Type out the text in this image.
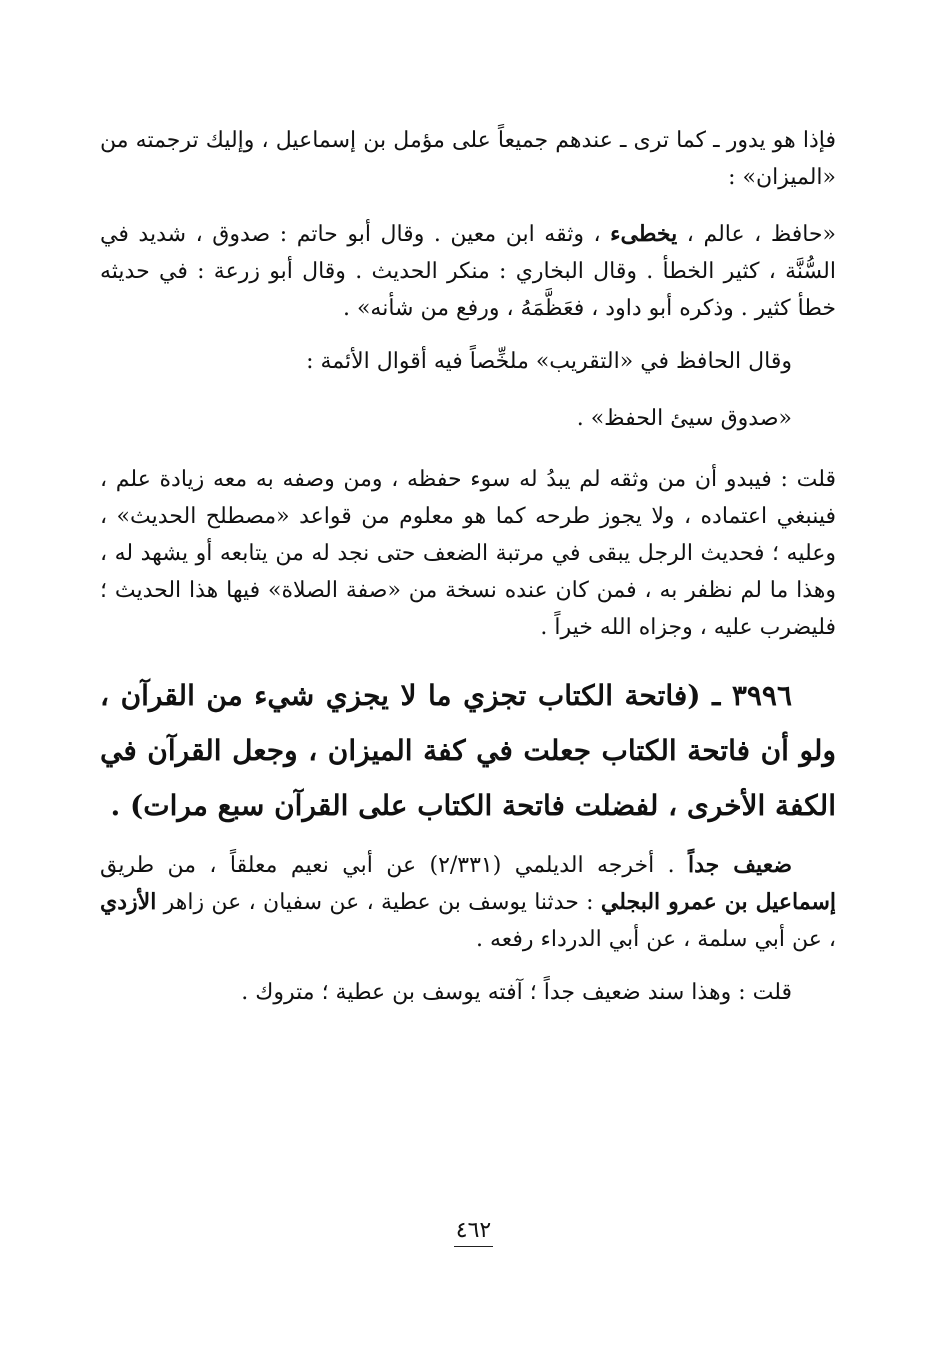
فإذا هو يدور ـ كما ترى ـ عندهم جميعاً على مؤمل بن إسماعيل ، وإليك ترجمته من «الميزان» :

«حافظ ، عالم ، يخطىء ، وثقه ابن معين . وقال أبو حاتم : صدوق ، شديد في السُّنَّة ، كثير الخطأ . وقال البخاري : منكر الحديث . وقال أبو زرعة : في حديثه خطأ كثير . وذكره أبو داود ، فعَظَّمَهُ ، ورفع من شأنه» .

وقال الحافظ في «التقريب» ملخِّصاً فيه أقوال الأئمة :

«صدوق سيئ الحفظ» .

قلت : فيبدو أن من وثقه لم يبدُ له سوء حفظه ، ومن وصفه به معه زيادة علم ، فينبغي اعتماده ، ولا يجوز طرحه كما هو معلوم من قواعد «مصطلح الحديث» ، وعليه ؛ فحديث الرجل يبقى في مرتبة الضعف حتى نجد له من يتابعه أو يشهد له ، وهذا ما لم نظفر به ، فمن كان عنده نسخة من «صفة الصلاة» فيها هذا الحديث ؛ فليضرب عليه ، وجزاه الله خيراً .

٣٩٩٦ ـ (فاتحة الكتاب تجزي ما لا يجزي شيء من القرآن ، ولو أن فاتحة الكتاب جعلت في كفة الميزان ، وجعل القرآن في الكفة الأخرى ، لفضلت فاتحة الكتاب على القرآن سبع مرات) .

ضعيف جداً . أخرجه الديلمي (٢/٣٣١) عن أبي نعيم معلقاً ، من طريق إسماعيل بن عمرو البجلي : حدثنا يوسف بن عطية ، عن سفيان ، عن زاهر الأزدي ، عن أبي سلمة ، عن أبي الدرداء رفعه .

قلت : وهذا سند ضعيف جداً ؛ آفته يوسف بن عطية ؛ متروك .

٤٦٢
